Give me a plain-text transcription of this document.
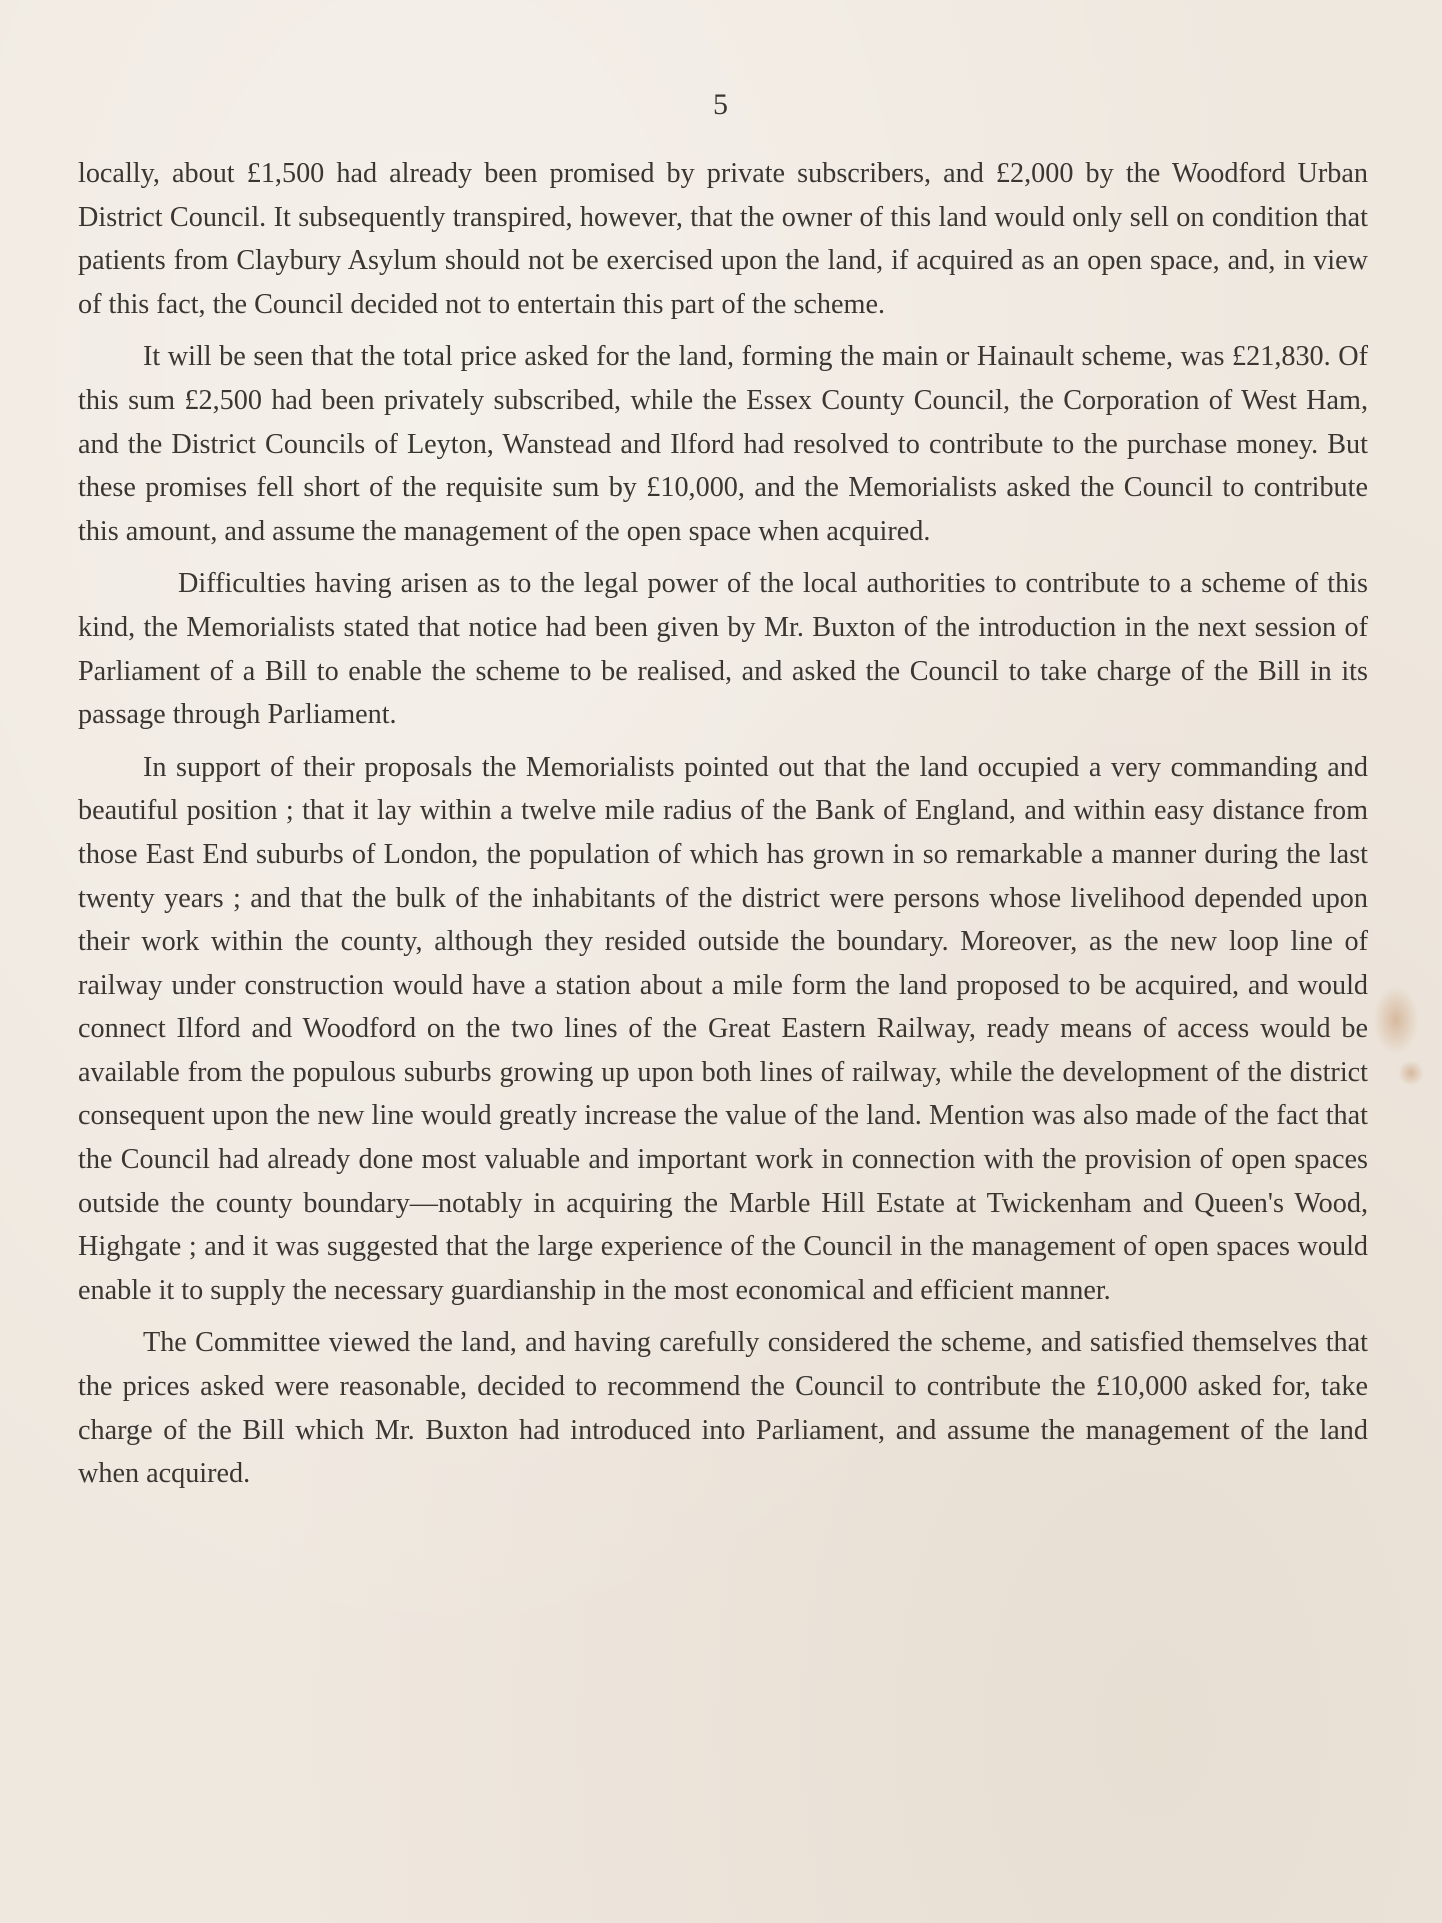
5

locally, about £1,500 had already been promised by private subscribers, and £2,000 by the Woodford Urban District Council. It subsequently transpired, however, that the owner of this land would only sell on condition that patients from Claybury Asylum should not be exercised upon the land, if acquired as an open space, and, in view of this fact, the Council decided not to entertain this part of the scheme.

It will be seen that the total price asked for the land, forming the main or Hainault scheme, was £21,830. Of this sum £2,500 had been privately subscribed, while the Essex County Council, the Corporation of West Ham, and the District Councils of Leyton, Wanstead and Ilford had resolved to contribute to the purchase money. But these promises fell short of the requisite sum by £10,000, and the Memorialists asked the Council to contribute this amount, and assume the management of the open space when acquired.

Difficulties having arisen as to the legal power of the local authorities to contribute to a scheme of this kind, the Memorialists stated that notice had been given by Mr. Buxton of the introduction in the next session of Parliament of a Bill to enable the scheme to be realised, and asked the Council to take charge of the Bill in its passage through Parliament.

In support of their proposals the Memorialists pointed out that the land occupied a very commanding and beautiful position ; that it lay within a twelve mile radius of the Bank of England, and within easy distance from those East End suburbs of London, the population of which has grown in so remarkable a manner during the last twenty years ; and that the bulk of the inhabitants of the district were persons whose livelihood depended upon their work within the county, although they resided outside the boundary. Moreover, as the new loop line of railway under construction would have a station about a mile form the land proposed to be acquired, and would connect Ilford and Woodford on the two lines of the Great Eastern Railway, ready means of access would be available from the populous suburbs growing up upon both lines of railway, while the development of the district consequent upon the new line would greatly increase the value of the land. Mention was also made of the fact that the Council had already done most valuable and important work in connection with the provision of open spaces outside the county boundary—notably in acquiring the Marble Hill Estate at Twickenham and Queen's Wood, Highgate ; and it was suggested that the large experience of the Council in the management of open spaces would enable it to supply the necessary guardianship in the most economical and efficient manner.

The Committee viewed the land, and having carefully considered the scheme, and satisfied themselves that the prices asked were reasonable, decided to recommend the Council to contribute the £10,000 asked for, take charge of the Bill which Mr. Buxton had introduced into Parliament, and assume the management of the land when acquired.
